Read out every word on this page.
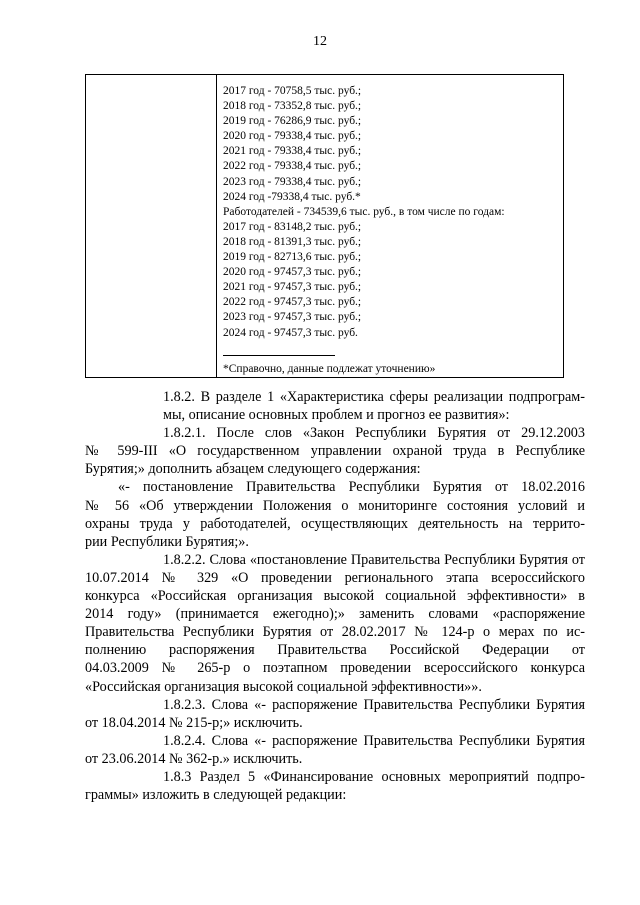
12

2017 год - 70758,5 тыс. руб.;
2018 год - 73352,8 тыс. руб.;
2019 год - 76286,9 тыс. руб.;
2020 год - 79338,4 тыс. руб.;
2021 год - 79338,4 тыс. руб.;
2022 год - 79338,4 тыс. руб.;
2023 год - 79338,4 тыс. руб.;
2024 год -79338,4 тыс. руб.*
Работодателей - 734539,6 тыс. руб., в том числе по годам:
2017 год - 83148,2 тыс. руб.;
2018 год - 81391,3 тыс. руб.;
2019 год - 82713,6 тыс. руб.;
2020 год - 97457,3 тыс. руб.;
2021 год - 97457,3 тыс. руб.;
2022 год - 97457,3 тыс. руб.;
2023 год - 97457,3 тыс. руб.;
2024 год - 97457,3 тыс. руб.
*Справочно, данные подлежат уточнению»

1.8.2. В разделе 1 «Характеристика сферы реализации подпрограм-
мы, описание основных проблем и прогноз ее развития»:

1.8.2.1. После слов «Закон Республики Бурятия от 29.12.2003
№ 599-III «О государственном управлении охраной труда в Республике
Бурятия;» дополнить абзацем следующего содержания:

«- постановление Правительства Республики Бурятия от 18.02.2016
№ 56 «Об утверждении Положения о мониторинге состояния условий и
охраны труда у работодателей, осуществляющих деятельность на террито-
рии Республики Бурятия;».

1.8.2.2. Слова «постановление Правительства Республики Бурятия от
10.07.2014 № 329 «О проведении регионального этапа всероссийского
конкурса «Российская организация высокой социальной эффективности» в
2014 году» (принимается ежегодно);» заменить словами «распоряжение
Правительства Республики Бурятия от 28.02.2017 № 124-р о мерах по ис-
полнению распоряжения Правительства Российской Федерации от
04.03.2009 № 265-р о поэтапном проведении всероссийского конкурса
«Российская организация высокой социальной эффективности»».

1.8.2.3. Слова «- распоряжение Правительства Республики Бурятия
от 18.04.2014 № 215-р;» исключить.

1.8.2.4. Слова «- распоряжение Правительства Республики Бурятия
от 23.06.2014 № 362-р.» исключить.

1.8.3 Раздел 5 «Финансирование основных мероприятий подпро-
граммы» изложить в следующей редакции:
